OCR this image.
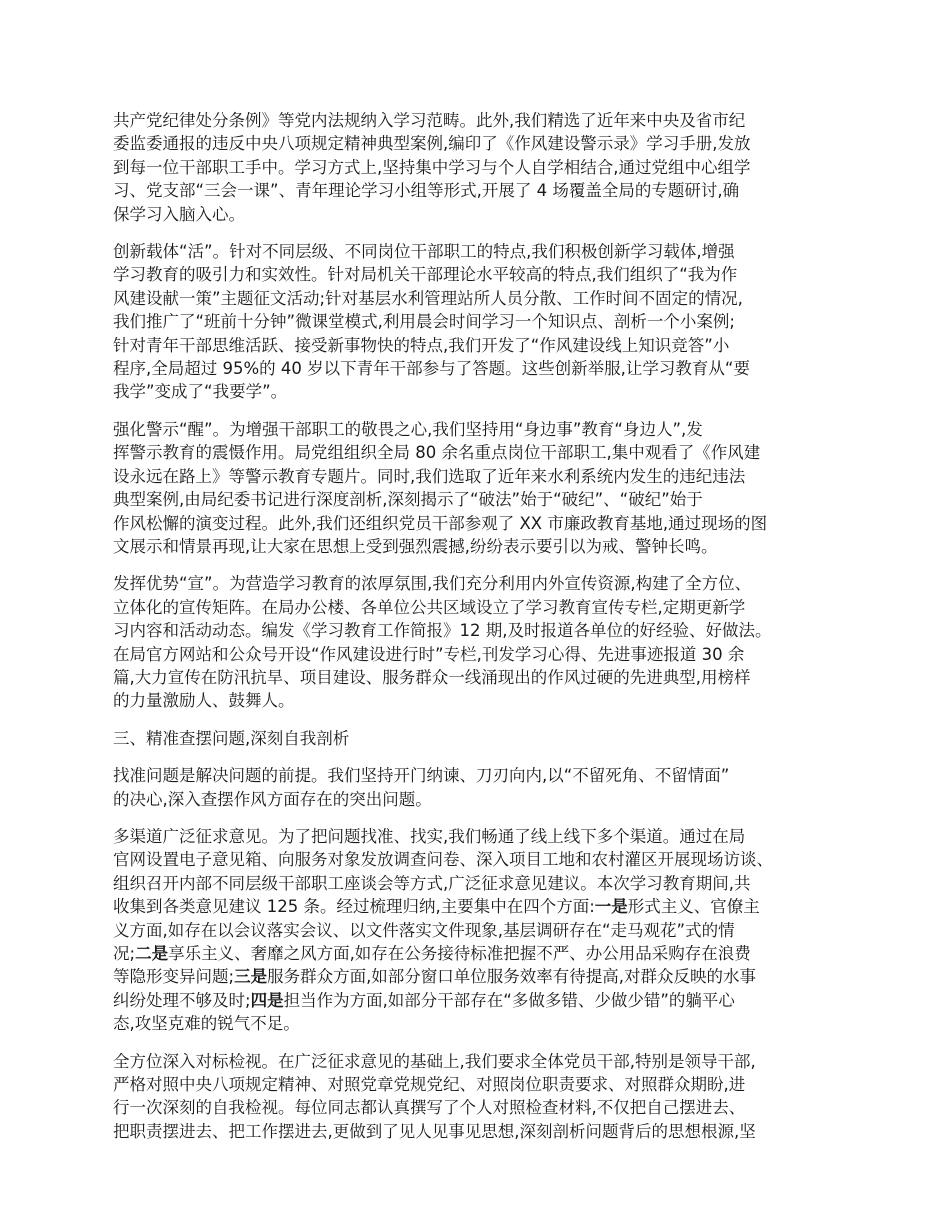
共产党纪律处分条例》等党内法规纳入学习范畴。此外,我们精选了近年来中央及省市纪
委监委通报的违反中央八项规定精神典型案例,编印了《作风建设警示录》学习手册,发放
到每一位干部职工手中。学习方式上,坚持集中学习与个人自学相结合,通过党组中心组学
习、党支部“三会一课”、青年理论学习小组等形式,开展了 4 场覆盖全局的专题研讨,确
保学习入脑入心。
创新载体“活”。针对不同层级、不同岗位干部职工的特点,我们积极创新学习载体,增强
学习教育的吸引力和实效性。针对局机关干部理论水平较高的特点,我们组织了“我为作
风建设献一策”主题征文活动;针对基层水利管理站所人员分散、工作时间不固定的情况,
我们推广了“班前十分钟”微课堂模式,利用晨会时间学习一个知识点、剖析一个小案例;
针对青年干部思维活跃、接受新事物快的特点,我们开发了“作风建设线上知识竞答”小
程序,全局超过 95%的 40 岁以下青年干部参与了答题。这些创新举服,让学习教育从“要
我学”变成了“我要学”。
强化警示“醒”。为增强干部职工的敬畏之心,我们坚持用“身边事”教育“身边人”,发
挥警示教育的震慑作用。局党组组织全局 80 余名重点岗位干部职工,集中观看了《作风建
设永远在路上》等警示教育专题片。同时,我们选取了近年来水利系统内发生的违纪违法
典型案例,由局纪委书记进行深度剖析,深刻揭示了“破法”始于“破纪”、“破纪”始于
作风松懈的演变过程。此外,我们还组织党员干部参观了 XX 市廉政教育基地,通过现场的图
文展示和情景再现,让大家在思想上受到强烈震撼,纷纷表示要引以为戒、警钟长鸣。
发挥优势“宣”。为营造学习教育的浓厚氛围,我们充分利用内外宣传资源,构建了全方位、
立体化的宣传矩阵。在局办公楼、各单位公共区域设立了学习教育宣传专栏,定期更新学
习内容和活动动态。编发《学习教育工作简报》12 期,及时报道各单位的好经验、好做法。
在局官方网站和公众号开设“作风建设进行时”专栏,刊发学习心得、先进事迹报道 30 余
篇,大力宣传在防汛抗旱、项目建设、服务群众一线涌现出的作风过硬的先进典型,用榜样
的力量激励人、鼓舞人。
三、精准查摆问题,深刻自我剖析
找准问题是解决问题的前提。我们坚持开门纳谏、刀刃向内,以“不留死角、不留情面”
的决心,深入查摆作风方面存在的突出问题。
多渠道广泛征求意见。为了把问题找准、找实,我们畅通了线上线下多个渠道。通过在局
官网设置电子意见箱、向服务对象发放调查问卷、深入项目工地和农村灌区开展现场访谈、
组织召开内部不同层级干部职工座谈会等方式,广泛征求意见建议。本次学习教育期间,共
收集到各类意见建议 125 条。经过梳理归纳,主要集中在四个方面:一是形式主义、官僚主
义方面,如存在以会议落实会议、以文件落实文件现象,基层调研存在“走马观花”式的情
况;二是享乐主义、奢靡之风方面,如存在公务接待标准把握不严、办公用品采购存在浪费
等隐形变异问题;三是服务群众方面,如部分窗口单位服务效率有待提高,对群众反映的水事
纠纷处理不够及时;四是担当作为方面,如部分干部存在“多做多错、少做少错”的躺平心
态,攻坚克难的锐气不足。
全方位深入对标检视。在广泛征求意见的基础上,我们要求全体党员干部,特别是领导干部,
严格对照中央八项规定精神、对照党章党规党纪、对照岗位职责要求、对照群众期盼,进
行一次深刻的自我检视。每位同志都认真撰写了个人对照检查材料,不仅把自己摆进去、
把职责摆进去、把工作摆进去,更做到了见人见事见思想,深刻剖析问题背后的思想根源,坚
